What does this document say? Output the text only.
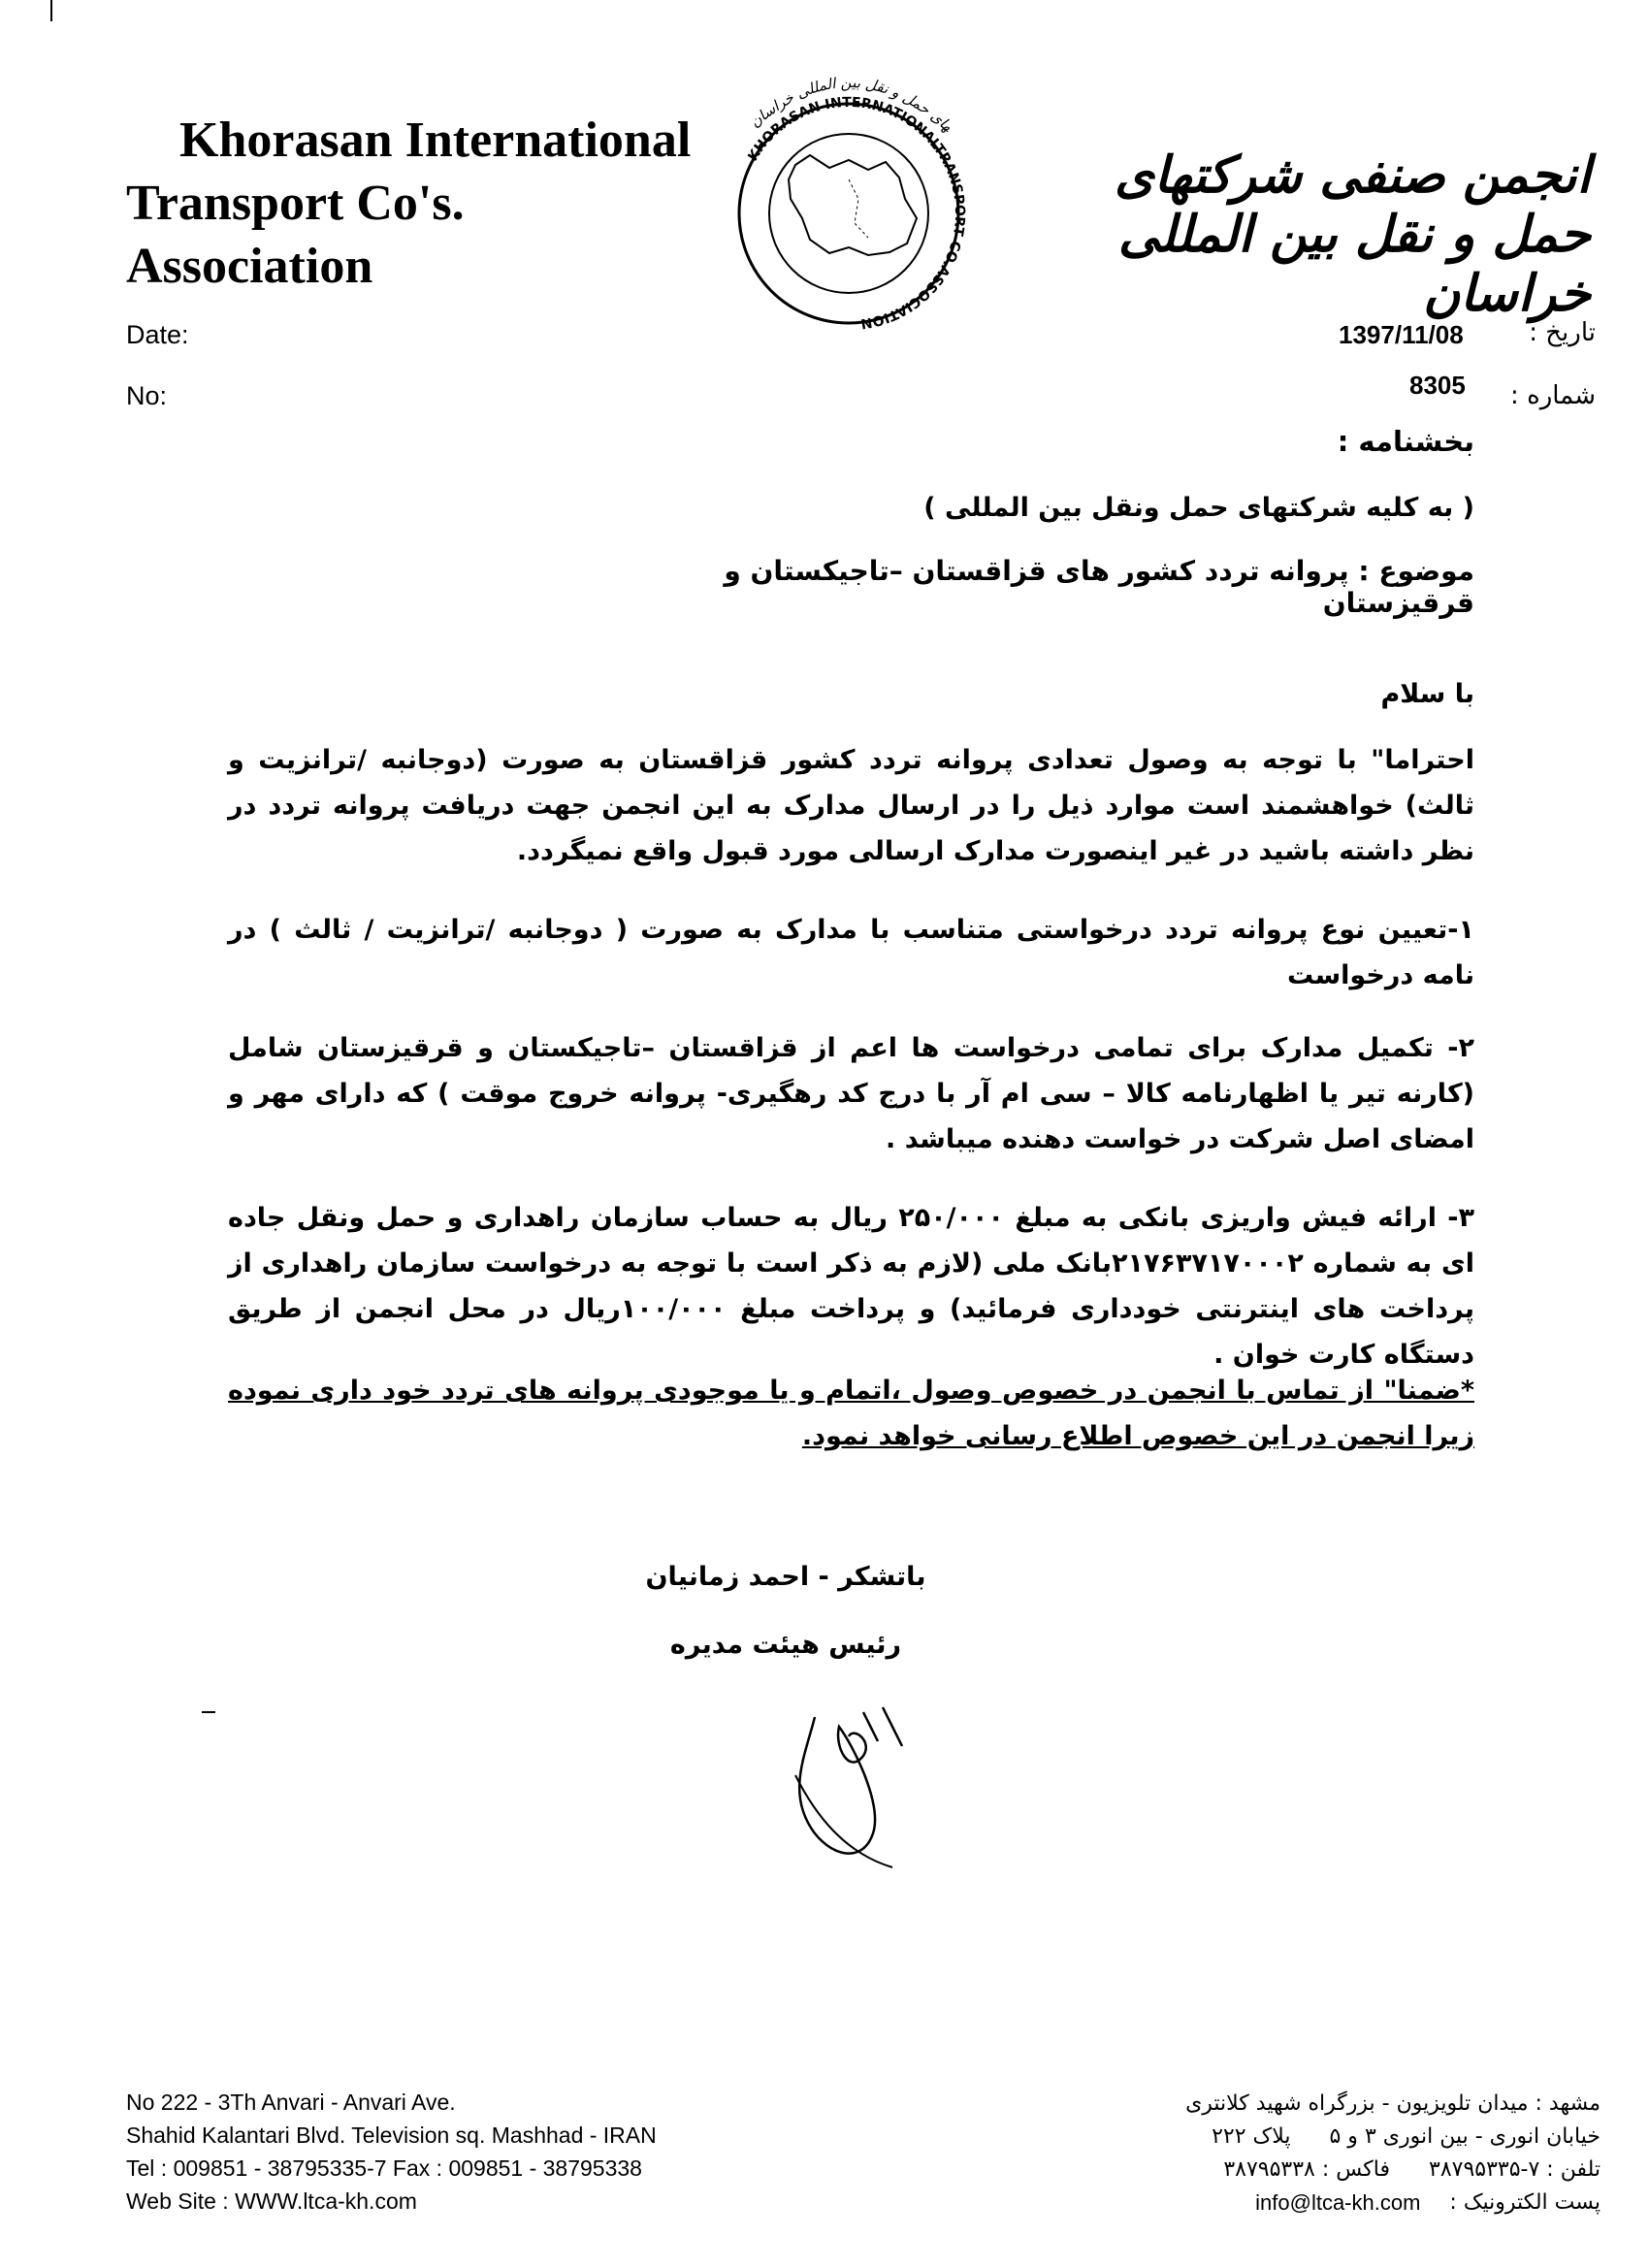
Khorasan International
Transport Co's. Association
KHORASAN INTERNATIONALTRANSPORT CO.ASSOCIATION
های حمل و نقل بین المللی خراسان
انجمن صنفی شرکتهای حمل و نقل بین المللی خراسان
Date:
No:
1397/11/08	تاریخ :
8305	شماره :
بخشنامه :
( به کلیه شرکتهای حمل ونقل بین المللی )
موضوع : پروانه تردد کشور های قزاقستان –تاجیکستان و قرقیزستان
با سلام
احتراما" با توجه به وصول تعدادی پروانه تردد کشور قزاقستان به صورت (دوجانبه /ترانزیت و ثالث) خواهشمند است موارد ذیل را در ارسال مدارک به این انجمن جهت دریافت پروانه تردد در نظر داشته باشید در غیر اینصورت مدارک ارسالی مورد قبول واقع نمیگردد.
۱-تعیین نوع پروانه تردد درخواستی متناسب با مدارک به صورت ( دوجانبه /ترانزیت / ثالث ) در نامه درخواست
۲- تکمیل مدارک برای تمامی درخواست ها اعم از قزاقستان –تاجیکستان و قرقیزستان شامل (کارنه تیر یا اظهارنامه کالا – سی ام آر با درج کد رهگیری- پروانه خروج موقت ) که دارای مهر و امضای اصل شرکت در خواست دهنده میباشد .
۳- ارائه فیش واریزی بانکی به مبلغ ۲۵۰/۰۰۰ ریال به حساب سازمان راهداری و حمل ونقل جاده ای به شماره ۲۱۷۶۳۷۱۷۰۰۰۲بانک ملی (لازم به ذکر است با توجه به درخواست سازمان راهداری از پرداخت های اینترنتی خودداری فرمائید) و پرداخت مبلغ ۱۰۰/۰۰۰ریال در محل انجمن از طریق دستگاه کارت خوان .
*ضمنا" از تماس با انجمن در خصوص وصول ،اتمام و یا موجودی پروانه های تردد خود داری نموده زیرا انجمن در این خصوص اطلاع رسانی خواهد نمود.
باتشکر - احمد زمانیان
رئیس هیئت مدیره
No 222 - 3Th Anvari - Anvari Ave.
Shahid Kalantari Blvd. Television sq. Mashhad - IRAN
Tel : 009851 - 38795335-7 Fax : 009851 - 38795338
Web Site : WWW.ltca-kh.com
مشهد : میدان تلویزیون - بزرگراه شهید کلانتری
خیابان انوری - بین انوری ۳ و ۵
پلاک ۲۲۲
تلفن : ۷-۳۸۷۹۵۳۳۵
فاکس : ۳۸۷۹۵۳۳۸
پست الکترونیک :
info@ltca-kh.com
